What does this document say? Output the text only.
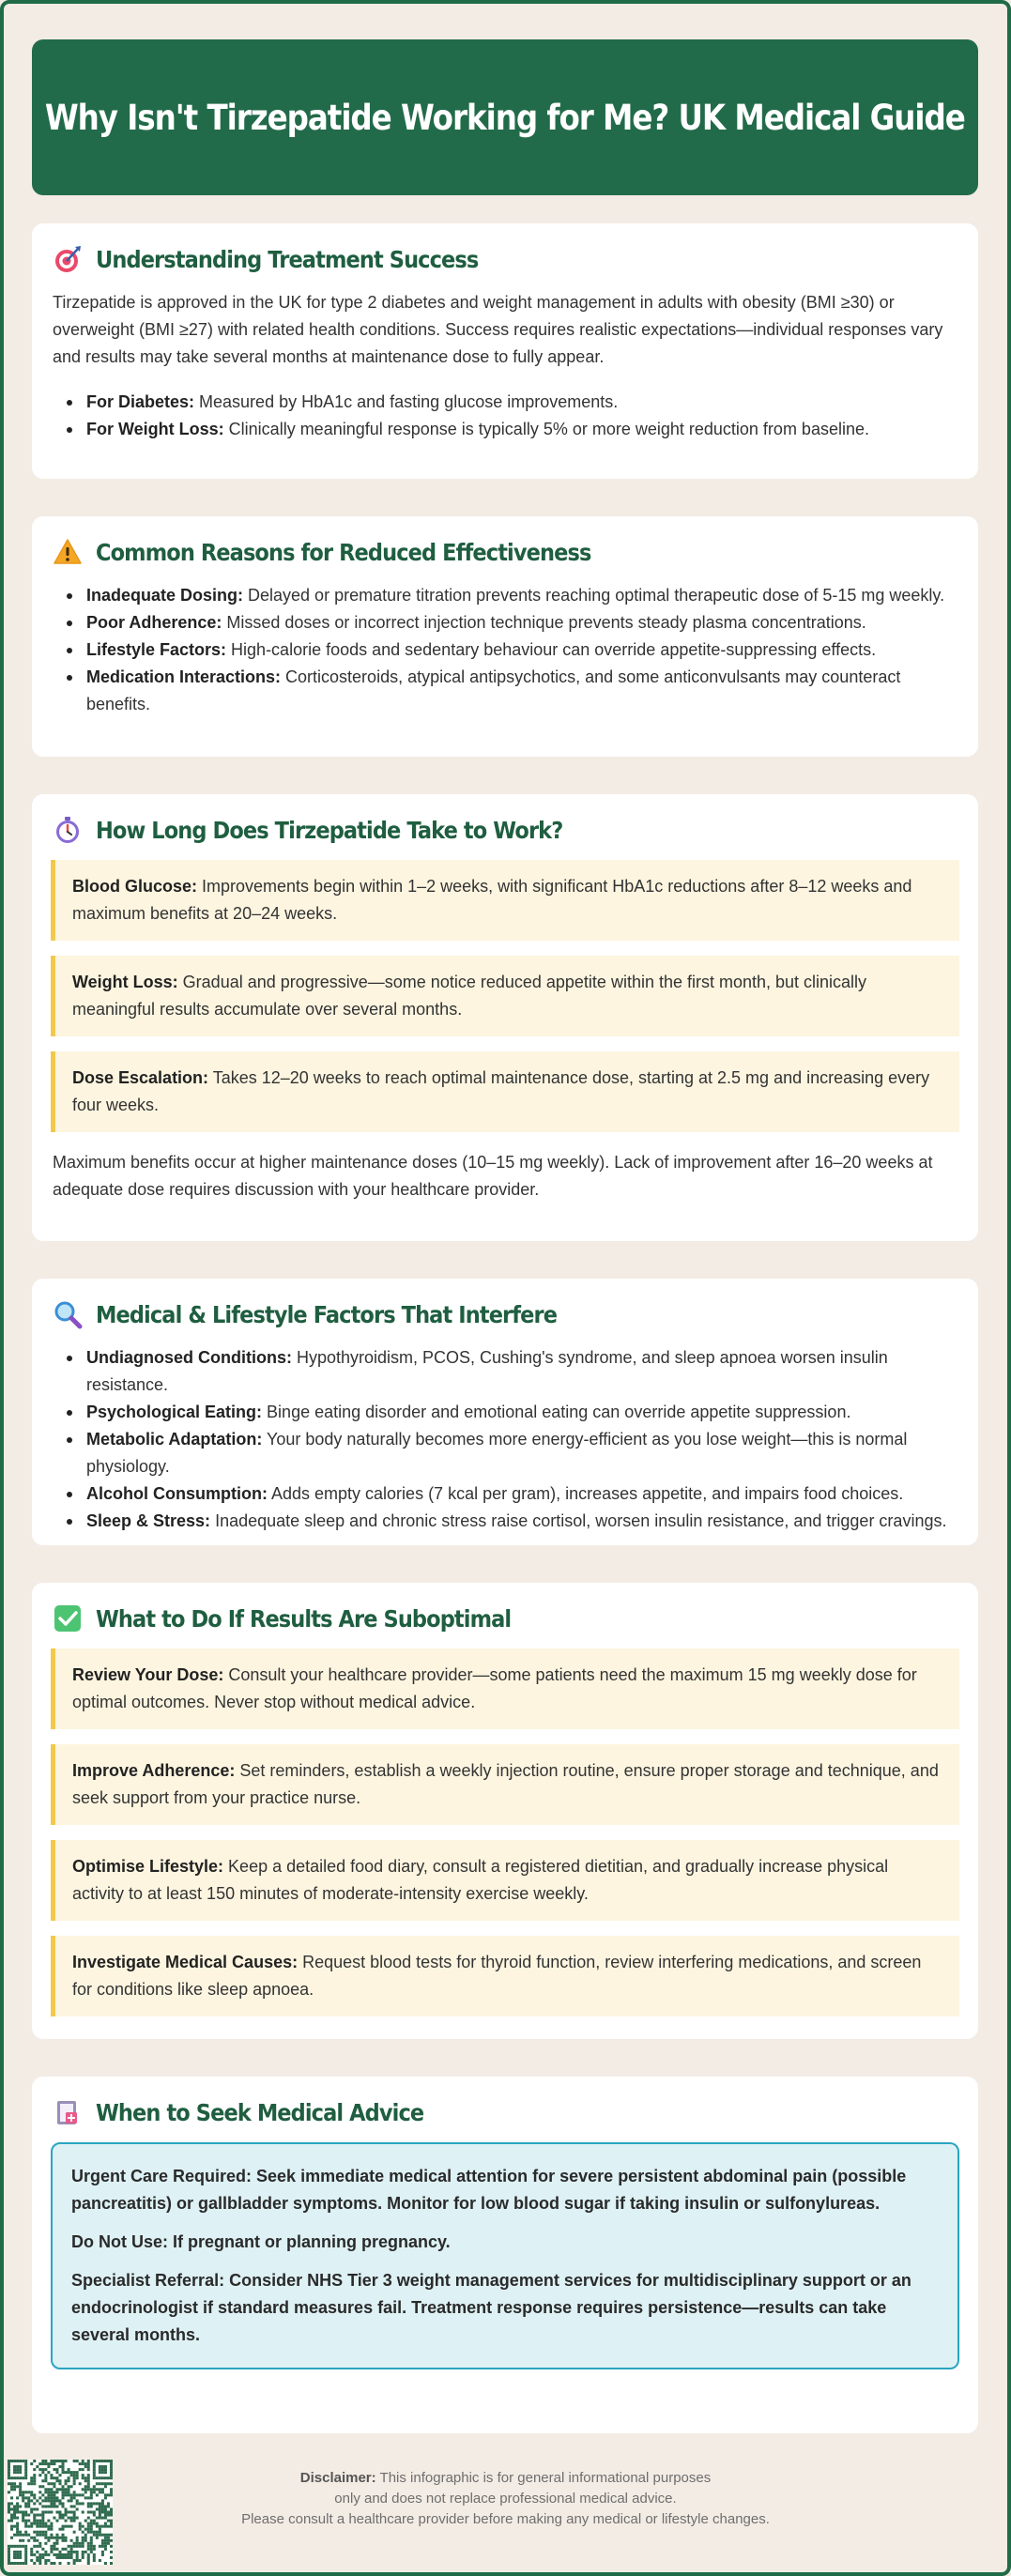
Why Isn't Tirzepatide Working for Me? UK Medical Guide
Understanding Treatment Success

Tirzepatide is approved in the UK for type 2 diabetes and weight management in adults with obesity (BMI ≥30) or overweight (BMI ≥27) with related health conditions. Success requires realistic expectations—individual responses vary and results may take several months at maintenance dose to fully appear.

For Diabetes: Measured by HbA1c and fasting glucose improvements.
For Weight Loss: Clinically meaningful response is typically 5% or more weight reduction from baseline.
Common Reasons for Reduced Effectiveness
Inadequate Dosing: Delayed or premature titration prevents reaching optimal therapeutic dose of 5-15 mg weekly.
Poor Adherence: Missed doses or incorrect injection technique prevents steady plasma concentrations.
Lifestyle Factors: High-calorie foods and sedentary behaviour can override appetite-suppressing effects.
Medication Interactions: Corticosteroids, atypical antipsychotics, and some anticonvulsants may counteract benefits.
How Long Does Tirzepatide Take to Work?
Blood Glucose: Improvements begin within 1–2 weeks, with significant HbA1c reductions after 8–12 weeks and maximum benefits at 20–24 weeks.
Weight Loss: Gradual and progressive—some notice reduced appetite within the first month, but clinically meaningful results accumulate over several months.
Dose Escalation: Takes 12–20 weeks to reach optimal maintenance dose, starting at 2.5 mg and increasing every four weeks.

Maximum benefits occur at higher maintenance doses (10–15 mg weekly). Lack of improvement after 16–20 weeks at adequate dose requires discussion with your healthcare provider.

Medical & Lifestyle Factors That Interfere
Undiagnosed Conditions: Hypothyroidism, PCOS, Cushing's syndrome, and sleep apnoea worsen insulin resistance.
Psychological Eating: Binge eating disorder and emotional eating can override appetite suppression.
Metabolic Adaptation: Your body naturally becomes more energy-efficient as you lose weight—this is normal physiology.
Alcohol Consumption: Adds empty calories (7 kcal per gram), increases appetite, and impairs food choices.
Sleep & Stress: Inadequate sleep and chronic stress raise cortisol, worsen insulin resistance, and trigger cravings.
What to Do If Results Are Suboptimal
Review Your Dose: Consult your healthcare provider—some patients need the maximum 15 mg weekly dose for optimal outcomes. Never stop without medical advice.
Improve Adherence: Set reminders, establish a weekly injection routine, ensure proper storage and technique, and seek support from your practice nurse.
Optimise Lifestyle: Keep a detailed food diary, consult a registered dietitian, and gradually increase physical activity to at least 150 minutes of moderate-intensity exercise weekly.
Investigate Medical Causes: Request blood tests for thyroid function, review interfering medications, and screen for conditions like sleep apnoea.
When to Seek Medical Advice

Urgent Care Required: Seek immediate medical attention for severe persistent abdominal pain (possible pancreatitis) or gallbladder symptoms. Monitor for low blood sugar if taking insulin or sulfonylureas.

Do Not Use: If pregnant or planning pregnancy.

Specialist Referral: Consider NHS Tier 3 weight management services for multidisciplinary support or an endocrinologist if standard measures fail. Treatment response requires persistence—results can take several months.

Disclaimer: This infographic is for general informational purposes
only and does not replace professional medical advice.
Please consult a healthcare provider before making any medical or lifestyle changes.
